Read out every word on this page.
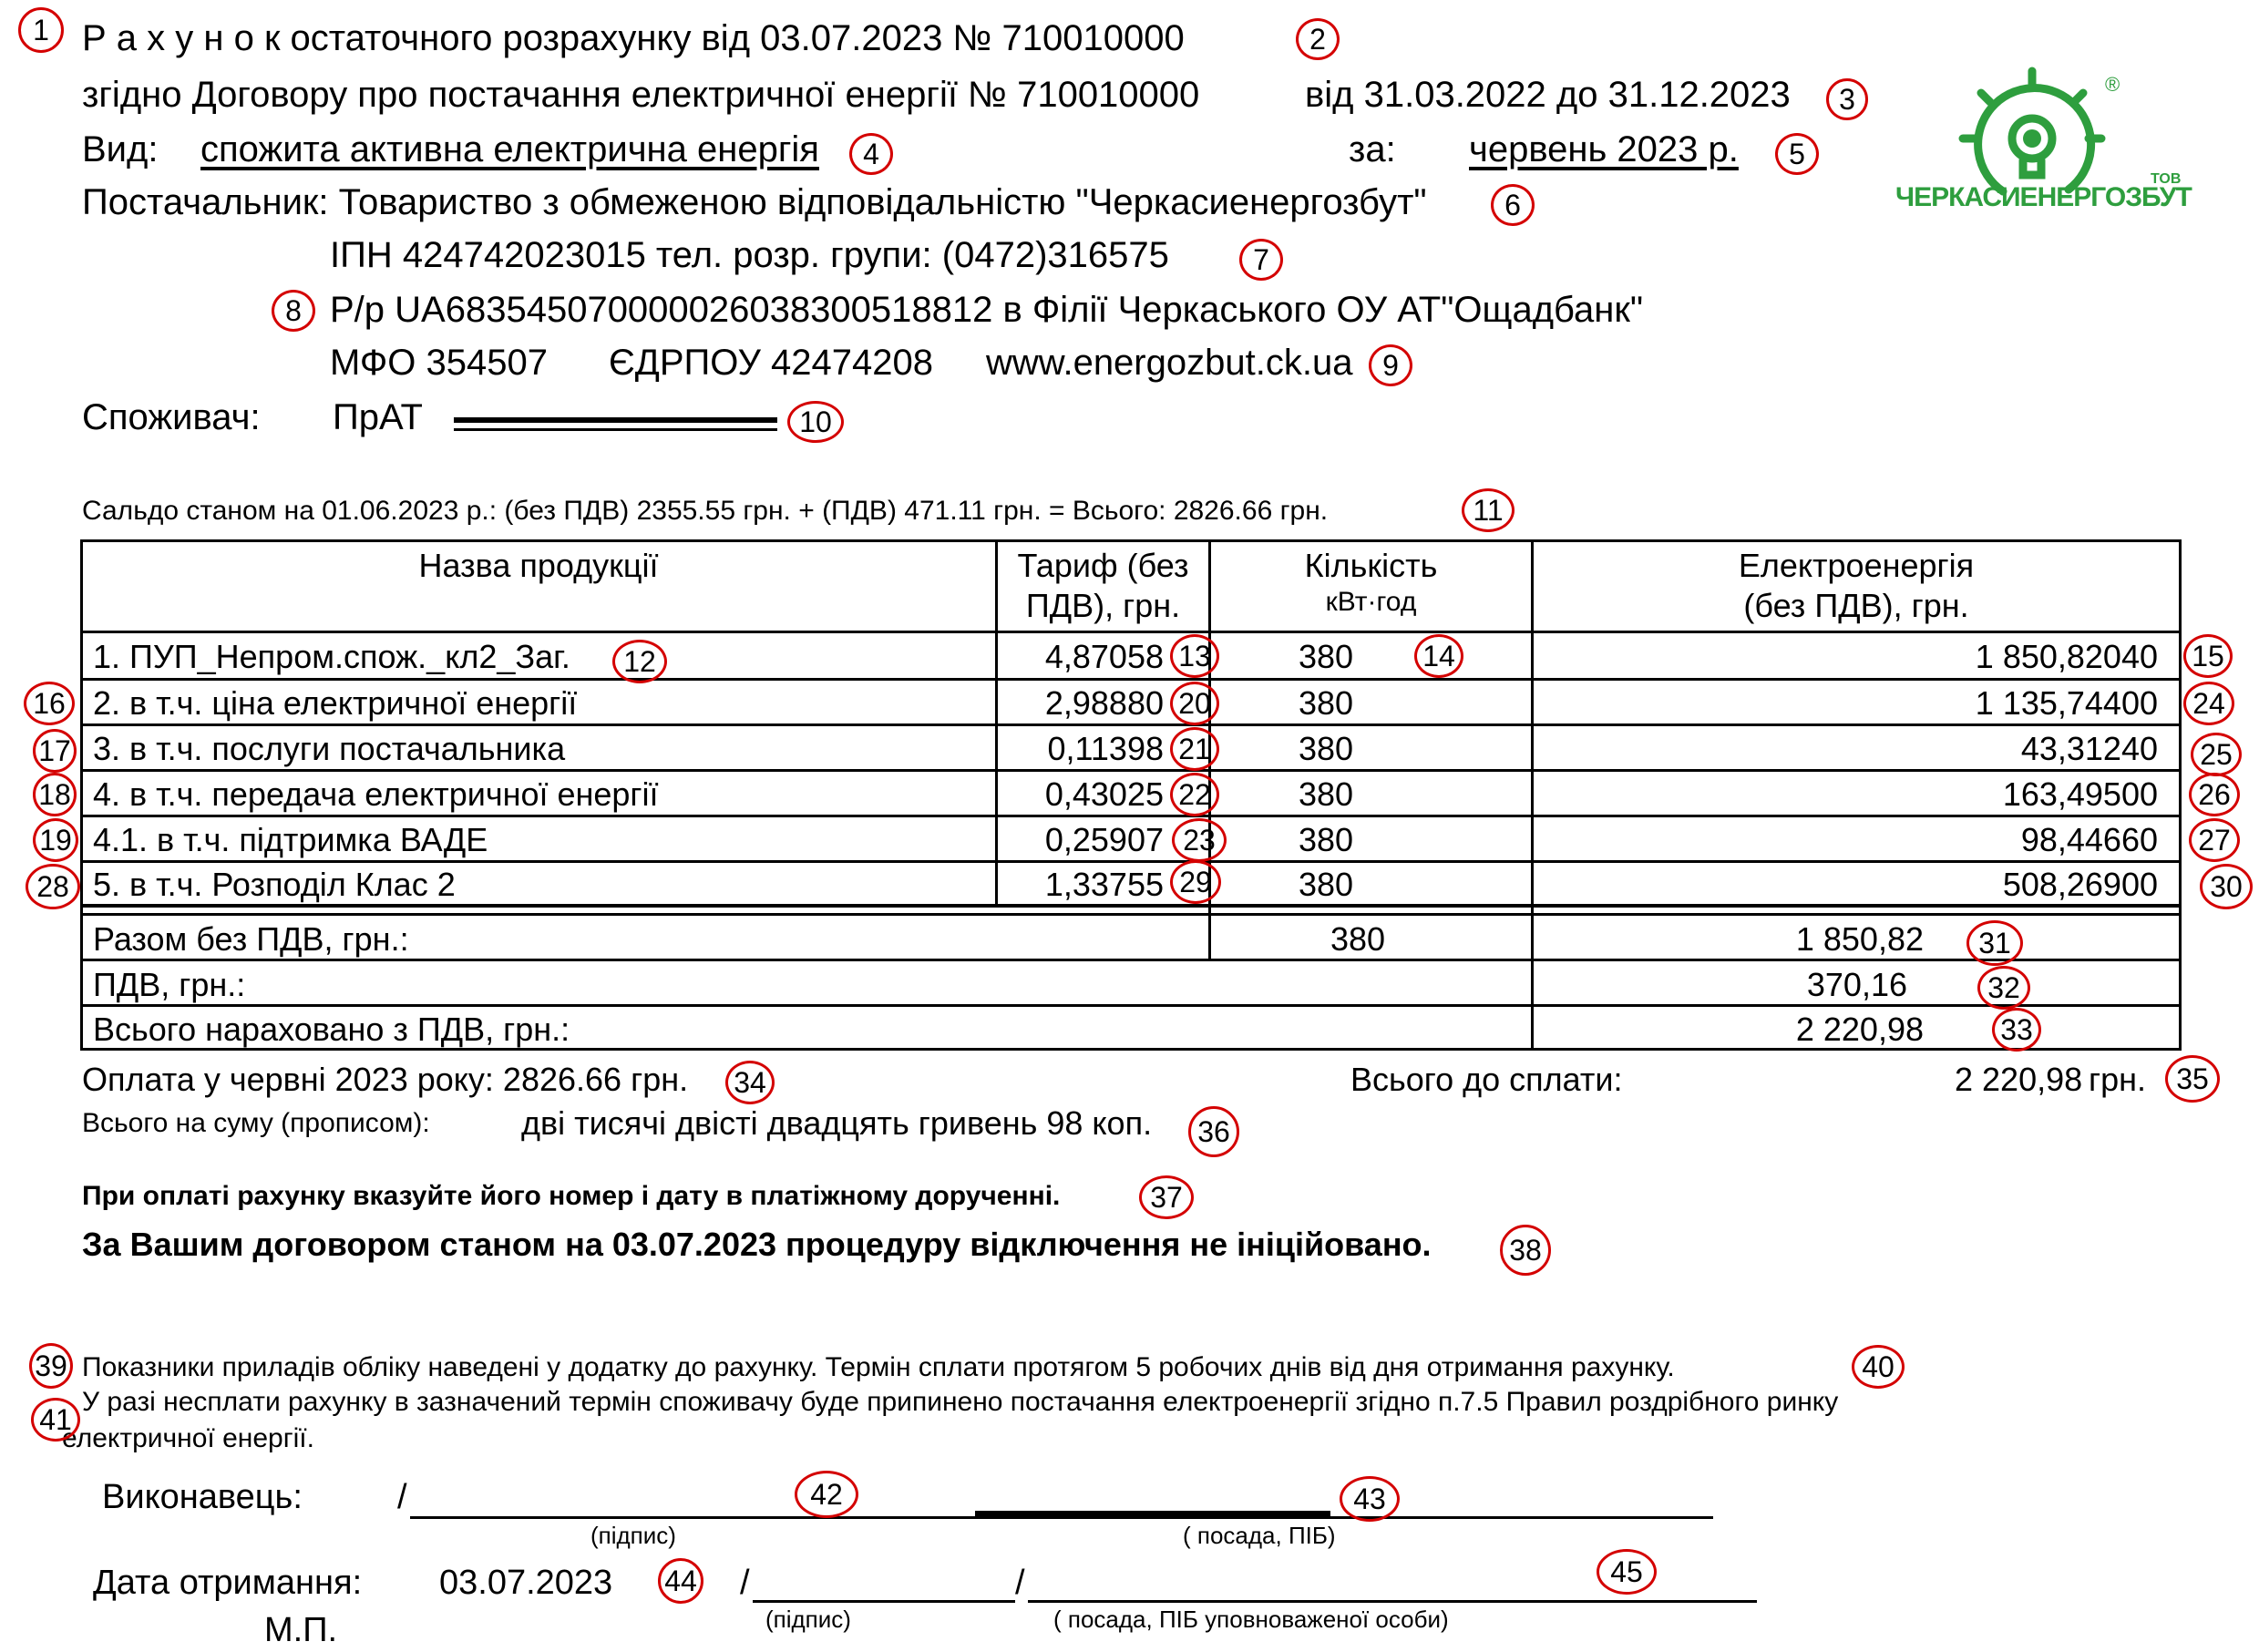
Р а х у н о к остаточного розрахунку від 03.07.2023 № 710010000
згідно Договору про постачання електричної енергії № 710010000	від 31.03.2022 до 31.12.2023
Вид: спожита активна електрична енергія	за: червень 2023 р.
Постачальник: Товариство з обмеженою відповідальністю "Черкасиенергозбут"
ІПН 424742023015 тел. розр. групи: (0472)316575
Р/р UA683545070000026038300518812 в Філії Черкаського ОУ АТ"Ощадбанк"
МФО 354507 ЄДРПОУ 42474208 www.energozbut.ck.ua
Споживач: ПрАТ
®
ТОВ
ЧЕРКАСИЕНЕРГОЗБУТ
Сальдо станом на 01.06.2023 р.: (без ПДВ) 2355.55 грн. + (ПДВ) 471.11 грн. = Всього: 2826.66 грн.
Назва продукції	Тариф (без
ПДВ), грн.
Кількість
кВт·год
Електроенергія
(без ПДВ), грн.
1. ПУП_Непром.спож._кл2_Заг.	4,87058	380	1 850,82040
2. в т.ч. ціна електричної енергії	2,98880	380	1 135,74400
3. в т.ч. послуги постачальника	0,11398	380	43,31240
4. в т.ч. передача електричної енергії	0,43025	380	163,49500
4.1. в т.ч. підтримка ВАДЕ	0,25907	380	98,44660
5. в т.ч. Розподіл Клас 2	1,33755	380	508,26900
Разом без ПДВ, грн.:	380	1 850,82
ПДВ, грн.:	370,16
Всього нараховано з ПДВ, грн.:	2 220,98
Оплата у червні 2023 року: 2826.66 грн.	Всього до сплати:	2 220,98 грн.
Всього на суму (прописом):	дві тисячі двісті двадцять гривень 98 коп.
При оплаті рахунку вказуйте його номер і дату в платіжному дорученні.
За Вашим договором станом на 03.07.2023 процедуру відключення не ініційовано.
Показники приладів обліку наведені у додатку до рахунку. Термін сплати протягом 5 робочих днів від дня отримання рахунку.
У разі несплати рахунку в зазначений термін споживачу буде припинено постачання електроенергії згідно п.7.5 Правил роздрібного ринку
електричної енергії.
Виконавець:	/
(підпис)	( посада, ПІБ)
Дата отримання: 03.07.2023	/	/
(підпис)	( посада, ПІБ уповноваженої особи)
М.П.
1	2
3
4	5
6
7
8
9
10
11
12	13	14	15
16
17
18
19
20
21
22
23
24
25
26
27
28	29	30
31
32
33
34	35
36
37
38
39	40
41
42	43
44	45
